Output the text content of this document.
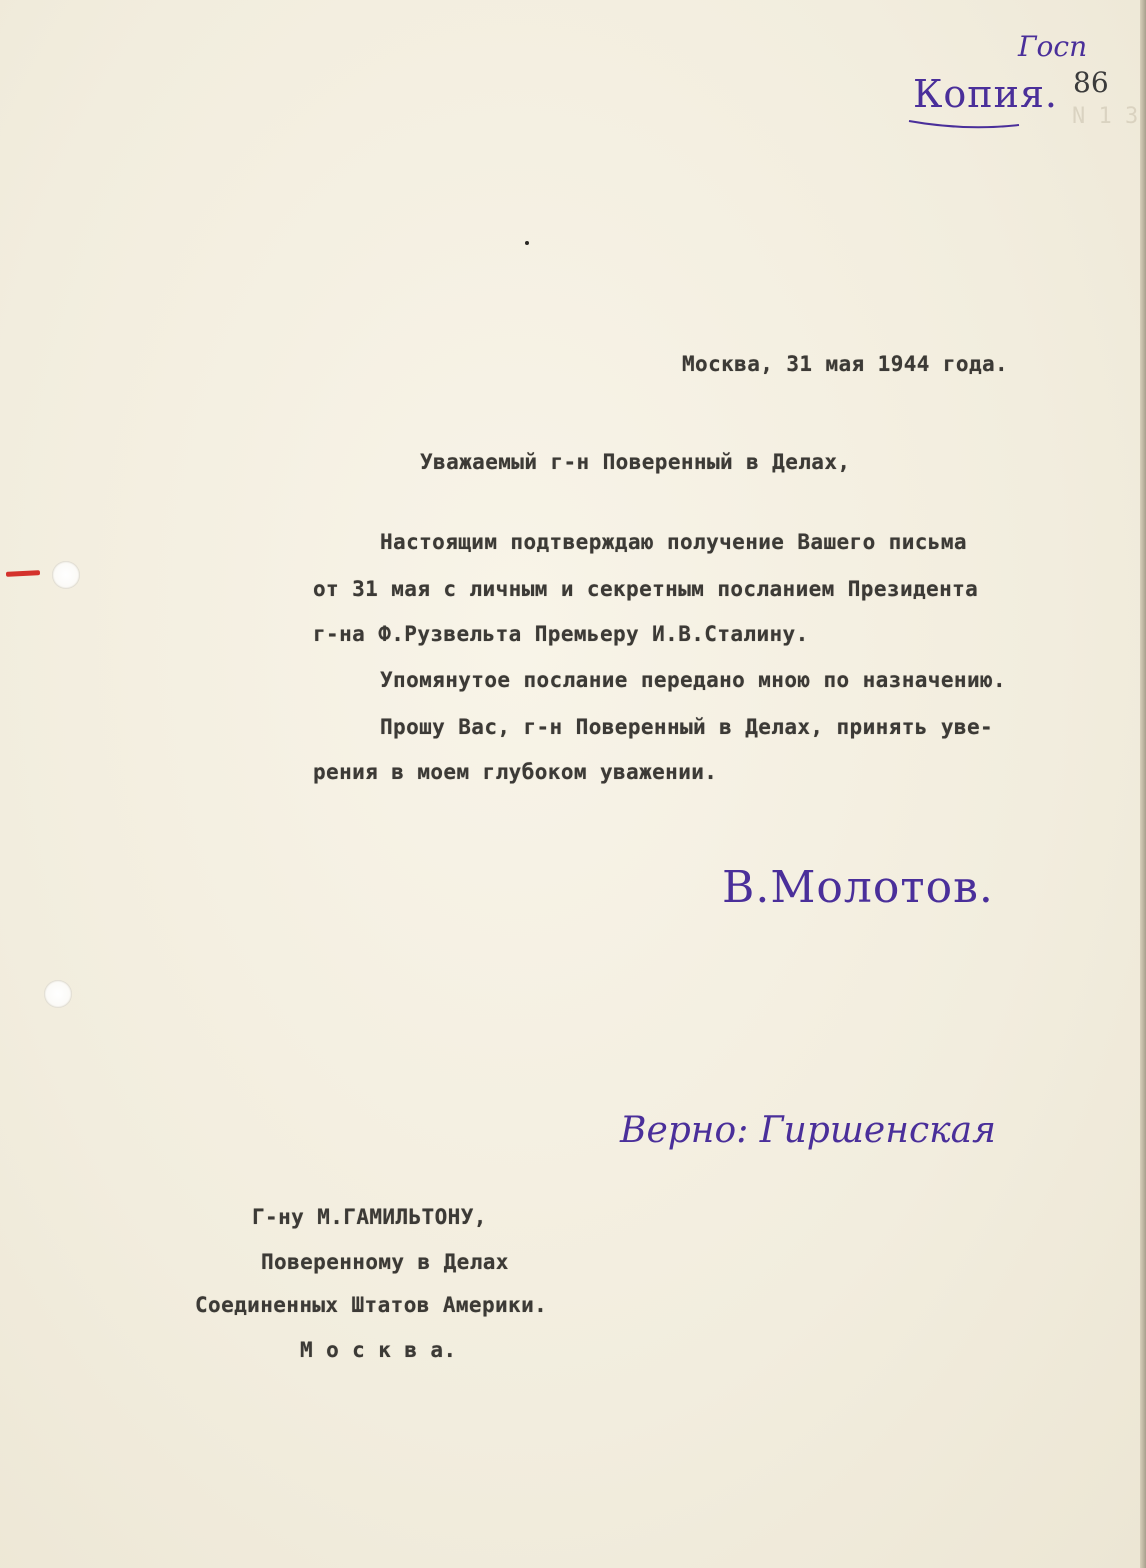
Копия.
Госп
86
N 1 3

Москва, 31 мая 1944 года.

Уважаемый г-н Поверенный в Делах,

Настоящим подтверждаю получение Вашего письма

от 31 мая с личным и секретным посланием Президента

г-на Ф.Рузвельта Премьеру И.В.Сталину.

Упомянутое послание передано мною по назначению.

Прошу Вас, г-н Поверенный в Делах, принять уве-

рения в моем глубоком уважении.

В.Молотов.
Верно: Гиршенская

Г-ну М.ГАМИЛЬТОНУ,

Поверенному в Делах

Соединенных Штатов Америки.

М о с к в а.
